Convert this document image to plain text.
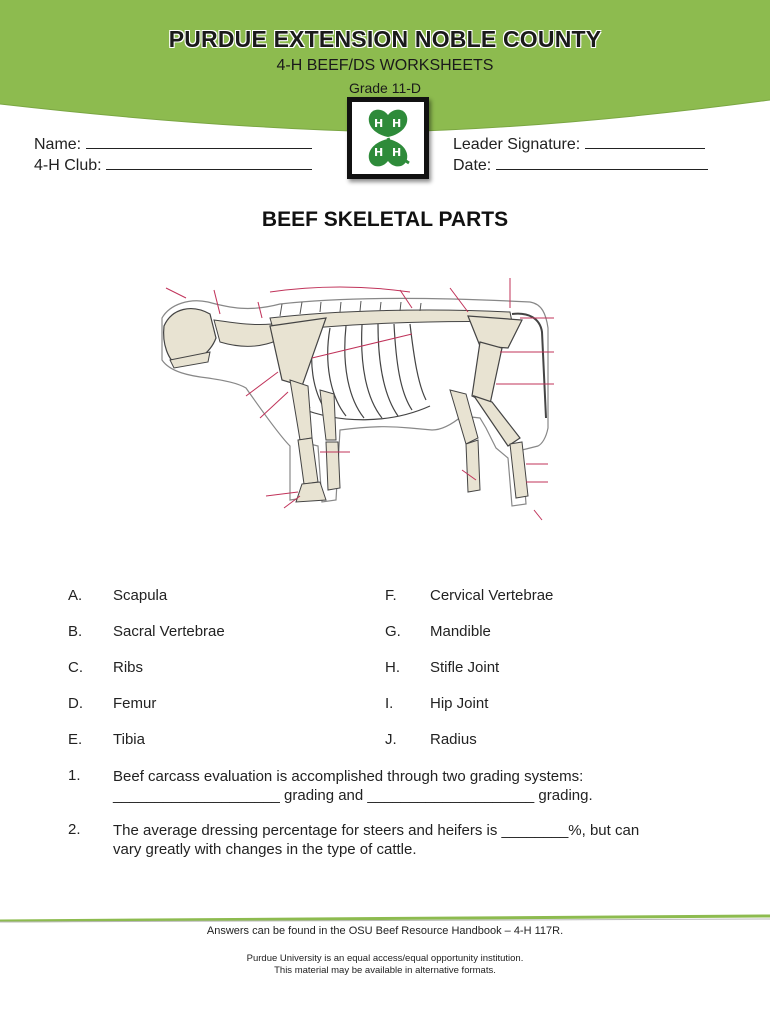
PURDUE EXTENSION NOBLE COUNTY
4-H BEEF/DS WORKSHEETS
Grade 11-D
H H
H H
Name:
4-H Club:
Leader Signature:
Date:
BEEF SKELETAL PARTS
A. Scapula
B. Sacral Vertebrae
C. Ribs
D. Femur
E. Tibia
F. Cervical Vertebrae
G. Mandible
H. Stifle Joint
I. Hip Joint
J. Radius
1. Beef carcass evaluation is accomplished through two grading systems:
____________________ grading and ____________________ grading.
2. The average dressing percentage for steers and heifers is ________%, but can
vary greatly with changes in the type of cattle.
Answers can be found in the OSU Beef Resource Handbook – 4-H 117R.
Purdue University is an equal access/equal opportunity institution.
This material may be available in alternative formats.
